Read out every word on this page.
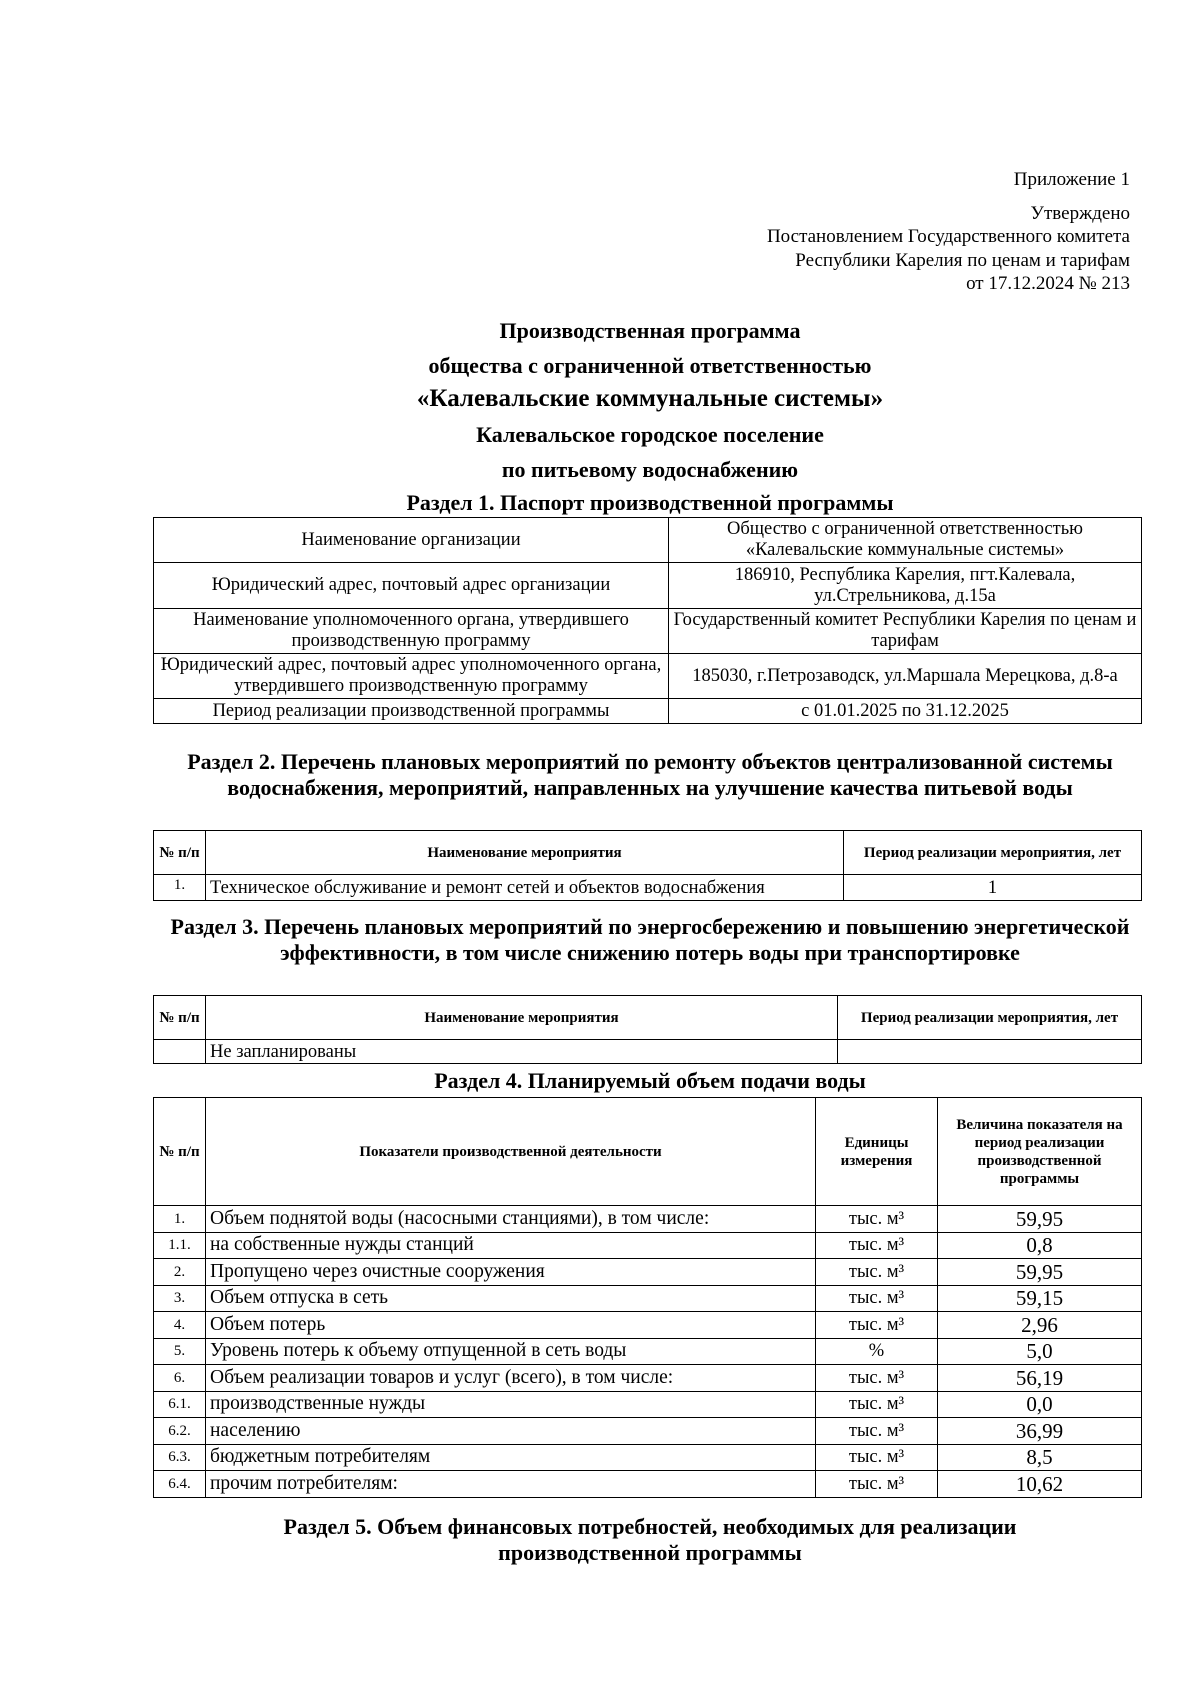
Приложение 1
Утверждено
Постановлением Государственного комитета
Республики Карелия по ценам и тарифам
от 17.12.2024 № 213
Производственная программа
общества с ограниченной ответственностью
«Калевальские коммунальные системы»
Калевальское городское поселение
по питьевому водоснабжению
Раздел 1. Паспорт производственной программы
Наименование организации	Общество с ограниченной ответственностью «Калевальские коммунальные системы»
Юридический адрес, почтовый адрес организации	186910, Республика Карелия, пгт.Калевала, ул.Стрельникова, д.15а
Наименование уполномоченного органа, утвердившего производственную программу	Государственный комитет Республики Карелия по ценам и тарифам
Юридический адрес, почтовый адрес уполномоченного органа, утвердившего производственную программу	185030, г.Петрозаводск, ул.Маршала Мерецкова, д.8-а
Период реализации производственной программы	с 01.01.2025 по 31.12.2025
Раздел 2. Перечень плановых мероприятий по ремонту объектов централизованной системы водоснабжения, мероприятий, направленных на улучшение качества питьевой воды
№ п/п	Наименование мероприятия	Период реализации мероприятия, лет
1.	Техническое обслуживание и ремонт сетей и объектов водоснабжения	1
Раздел 3. Перечень плановых мероприятий по энергосбережению и повышению энергетической эффективности, в том числе снижению потерь воды при транспортировке
№ п/п	Наименование мероприятия	Период реализации мероприятия, лет
	Не запланированы	
Раздел 4. Планируемый объем подачи воды
№ п/п	Показатели производственной деятельности	Единицы измерения	Величина показателя на период реализации производственной программы
1.	Объем поднятой воды (насосными станциями), в том числе:	тыс. м³	59,95
1.1.	на собственные нужды станций	тыс. м³	0,8
2.	Пропущено через очистные сооружения	тыс. м³	59,95
3.	Объем отпуска в сеть	тыс. м³	59,15
4.	Объем потерь	тыс. м³	2,96
5.	Уровень потерь к объему отпущенной в сеть воды	%	5,0
6.	Объем реализации товаров и услуг (всего), в том числе:	тыс. м³	56,19
6.1.	производственные нужды	тыс. м³	0,0
6.2.	населению	тыс. м³	36,99
6.3.	бюджетным потребителям	тыс. м³	8,5
6.4.	прочим потребителям:	тыс. м³	10,62
Раздел 5. Объем финансовых потребностей, необходимых для реализации производственной программы
